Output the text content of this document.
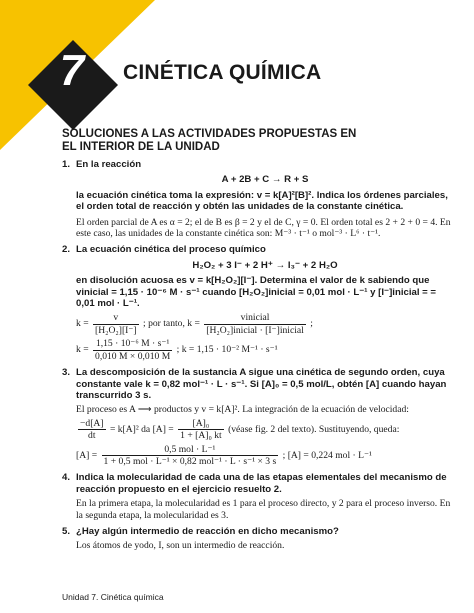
7	CINÉTICA QUÍMICA
SOLUCIONES A LAS ACTIVIDADES PROPUESTAS EN EL INTERIOR DE LA UNIDAD
1. En la reacción

A + 2B + C → R + S

la ecuación cinética toma la expresión: v = k[A]²[B]². Indica los órdenes parciales, el orden total de reacción y obtén las unidades de la constante cinética.

El orden parcial de A es α = 2; el de B es β = 2 y el de C, γ = 0. El orden total es 2 + 2 + 0 = 4. En este caso, las unidades de la constante cinética son: M⁻³ · t⁻¹ o mol⁻³ · L⁶ · t⁻¹.

2. La ecuación cinética del proceso químico

H₂O₂ + 3 I⁻ + 2 H⁺ → I₃⁻ + 2 H₂O

en disolución acuosa es v = k[H₂O₂][I⁻]. Determina el valor de k sabiendo que vinicial = 1,15 · 10⁻⁶ M · s⁻¹ cuando [H₂O₂]inicial = 0,01 mol · L⁻¹ y [I⁻]inicial = = 0,01 mol · L⁻¹.

$k = \frac{v}{\text{[H₂O₂][I⁻]}}$ ; por tanto, $k = \frac{\text{vinicial}}{\text{[H₂O₂]inicial · [I⁻]inicial}}$ ;
$k = \frac{\text{1,15 · 10⁻⁶ M · s⁻¹}}{0,010 M \times 0,010 M}$ ; k = 1,15 · 10⁻² M⁻¹ · s⁻¹
3. La descomposición de la sustancia A sigue una cinética de segundo orden, cuya constante vale k = 0,82 mol⁻¹ · L · s⁻¹. Si [A]₀ = 0,5 mol/L, obtén [A] cuando hayan transcurrido 3 s.

El proceso es A ⟶ productos y v = k[A]². La integración de la ecuación de velocidad:

$\frac{-d[A]}{dt} = k[A]^2$ da $[A] = \frac{\text{[A]₀}}{\text{1 + [A]₀ kt}}$ (véase fig. 2 del texto). Sustituyendo, queda:
$[A] = \frac{\text{0,5 mol · L⁻¹}}{\text{1 + 0,5 mol · L⁻¹ × 0,82 mol⁻¹ · L · s⁻¹ × 3 s}}$ ; [A] = 0,224 mol · L⁻¹
4. Indica la molecularidad de cada una de las etapas elementales del mecanismo de reacción propuesto en el ejercicio resuelto 2.

En la primera etapa, la molecularidad es 1 para el proceso directo, y 2 para el proceso inverso. En la segunda etapa, la molecularidad es 3.

5. ¿Hay algún intermedio de reacción en dicho mecanismo?

Los átomos de yodo, I, son un intermedio de reacción.

Unidad 7. Cinética química
